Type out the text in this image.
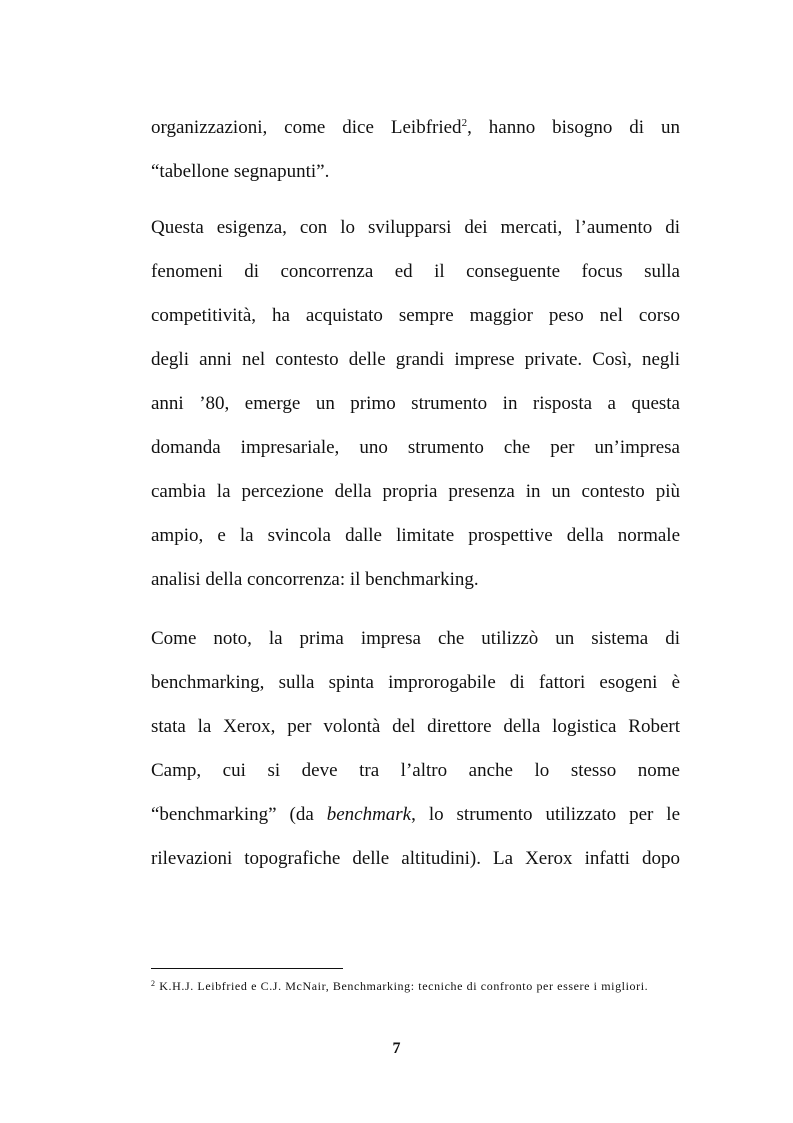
organizzazioni, come dice Leibfried$^2$, hanno bisogno di un
“tabellone segnapunti”.
Questa esigenza, con lo svilupparsi dei mercati, l’aumento di
fenomeni di concorrenza ed il conseguente focus sulla
competitività, ha acquistato sempre maggior peso nel corso
degli anni nel contesto delle grandi imprese private. Così, negli
anni ’80, emerge un primo strumento in risposta a questa
domanda impresariale, uno strumento che per un’impresa
cambia la percezione della propria presenza in un contesto più
ampio, e la svincola dalle limitate prospettive della normale
analisi della concorrenza: il benchmarking.
Come noto, la prima impresa che utilizzò un sistema di
benchmarking, sulla spinta improrogabile di fattori esogeni è
stata la Xerox, per volontà del direttore della logistica Robert
Camp, cui si deve tra l’altro anche lo stesso nome
“benchmarking” (da benchmark, lo strumento utilizzato per le
rilevazioni topografiche delle altitudini). La Xerox infatti dopo
$^2$ K.H.J. Leibfried e C.J. McNair, Benchmarking: tecniche di confronto per essere i migliori.
7
